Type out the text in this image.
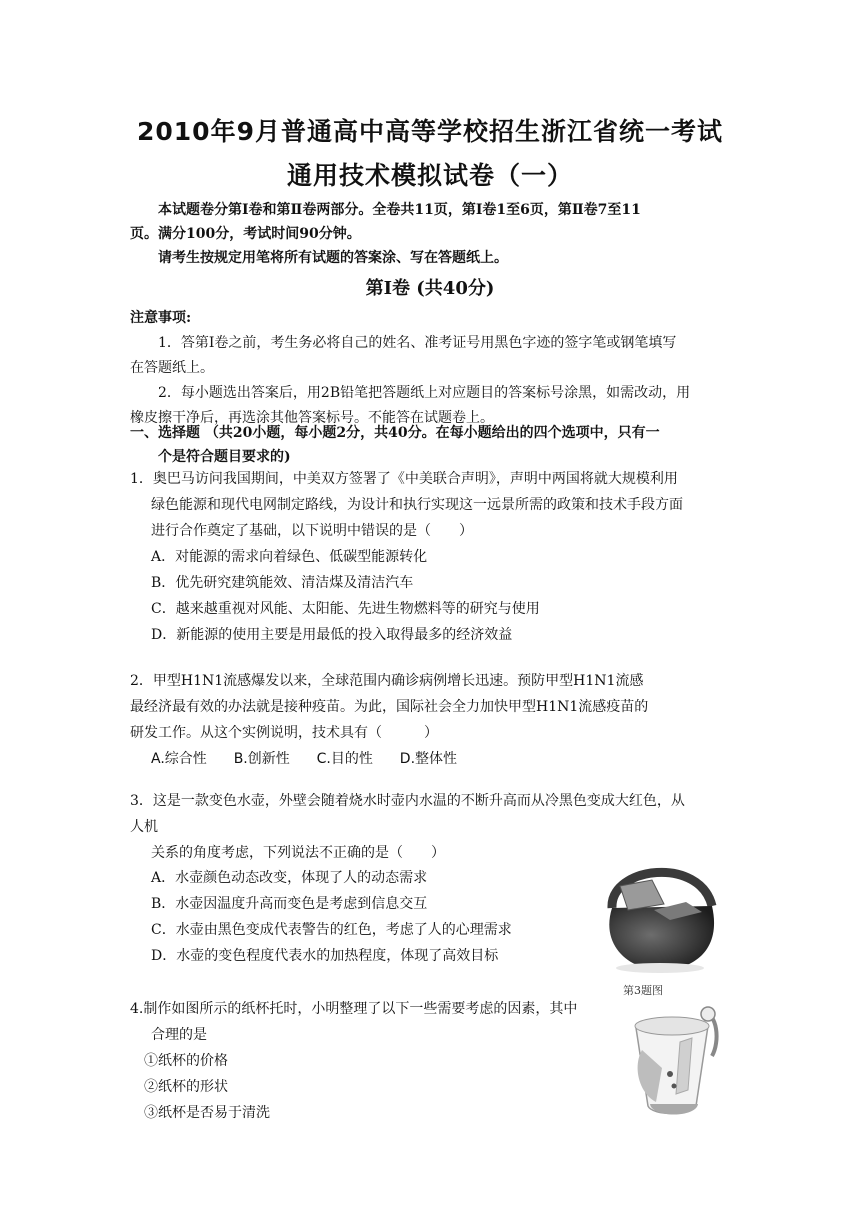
2010年9月普通高中高等学校招生浙江省统一考试
通用技术模拟试卷（一）

本试题卷分第Ⅰ卷和第Ⅱ卷两部分。全卷共11页，第Ⅰ卷1至6页，第Ⅱ卷7至11

页。满分100分，考试时间90分钟。

请考生按规定用笔将所有试题的答案涂、写在答题纸上。

第Ⅰ卷 (共40分)

注意事项:

1．答第Ⅰ卷之前，考生务必将自己的姓名、准考证号用黑色字迹的签字笔或钢笔填写

在答题纸上。

2．每小题选出答案后，用2B铅笔把答题纸上对应题目的答案标号涂黑，如需改动，用

橡皮擦干净后，再选涂其他答案标号。不能答在试题卷上。

一、选择题 （共20小题，每小题2分，共40分。在每小题给出的四个选项中，只有一
个是符合题目要求的)

1．奥巴马访问我国期间，中美双方签署了《中美联合声明》，声明中两国将就大规模利用

绿色能源和现代电网制定路线，为设计和执行实现这一远景所需的政策和技术手段方面

进行合作奠定了基础，以下说明中错误的是（　　）

A．对能源的需求向着绿色、低碳型能源转化

B．优先研究建筑能效、清洁煤及清洁汽车

C．越来越重视对风能、太阳能、先进生物燃料等的研究与使用

D．新能源的使用主要是用最低的投入取得最多的经济效益

2．甲型H1N1流感爆发以来，全球范围内确诊病例增长迅速。预防甲型H1N1流感

最经济最有效的办法就是接种疫苗。为此，国际社会全力加快甲型H1N1流感疫苗的

研发工作。从这个实例说明，技术具有（　　　）

A.综合性 B.创新性 C.目的性 D.整体性

3．这是一款变色水壶，外壁会随着烧水时壶内水温的不断升高而从冷黑色变成大红色，从

人机

关系的角度考虑，下列说法不正确的是（　　）

A．水壶颜色动态改变，体现了人的动态需求

B．水壶因温度升高而变色是考虑到信息交互

C．水壶由黑色变成代表警告的红色，考虑了人的心理需求

D．水壶的变色程度代表水的加热程度，体现了高效目标

第3题图

4.制作如图所示的纸杯托时，小明整理了以下一些需要考虑的因素，其中

合理的是

①纸杯的价格

②纸杯的形状

③纸杯是否易于清洗
